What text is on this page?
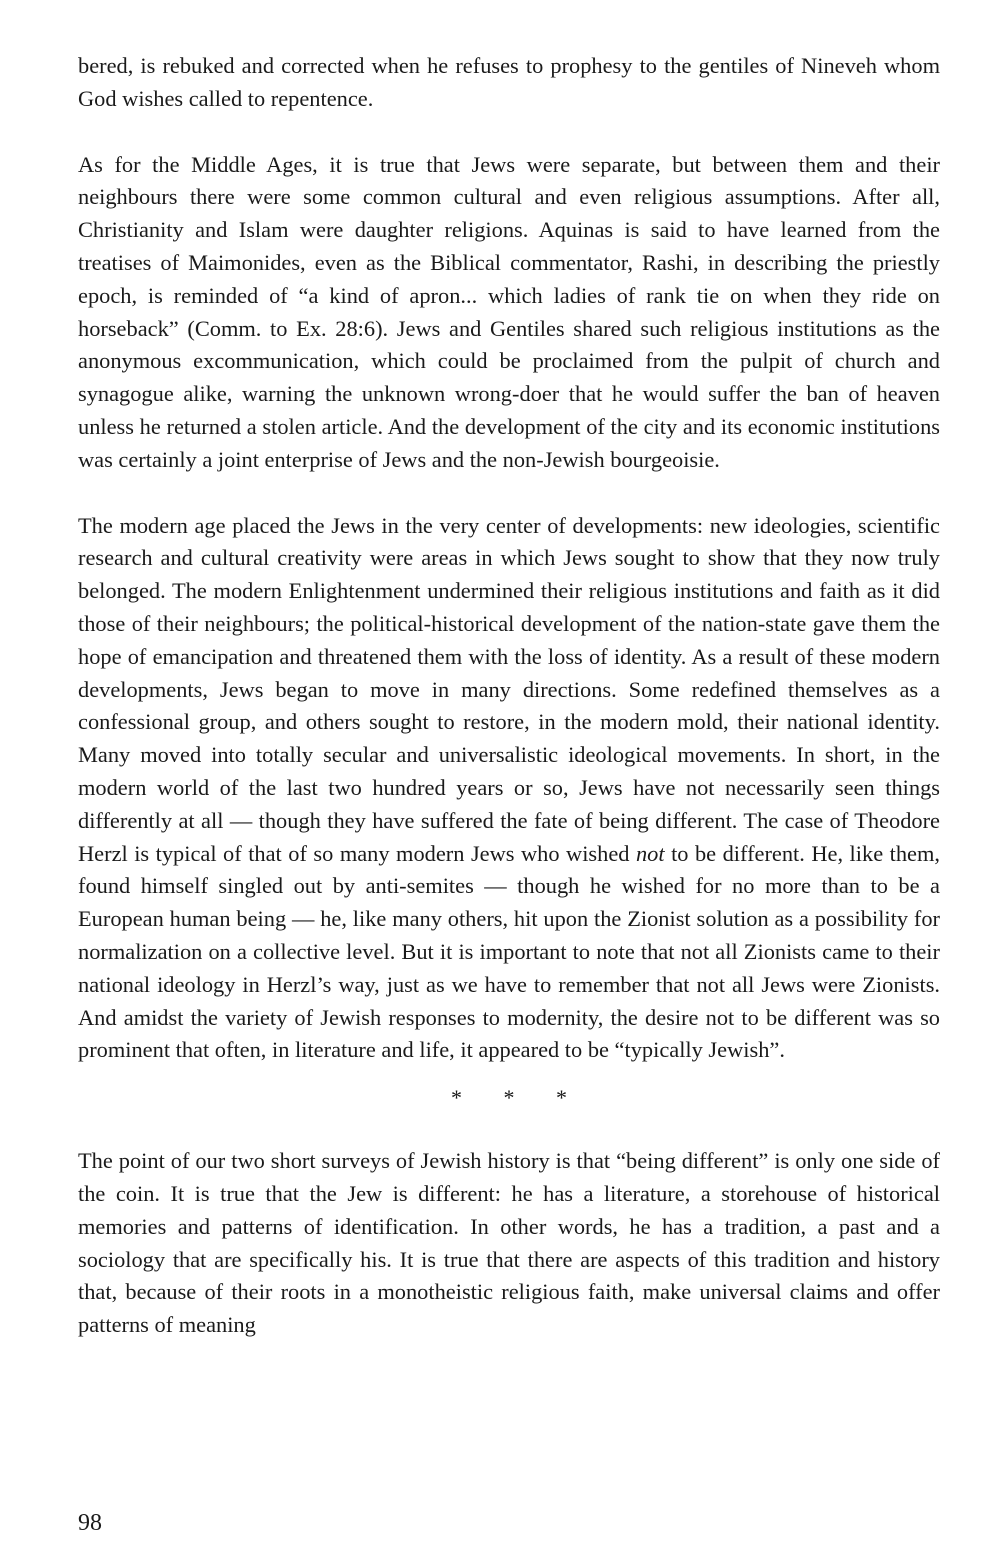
bered, is rebuked and corrected when he refuses to prophesy to the gentiles of Nineveh whom God wishes called to repentence.

As for the Middle Ages, it is true that Jews were separate, but between them and their neighbours there were some common cultural and even religious assumptions. After all, Christianity and Islam were daughter religions. Aquinas is said to have learned from the treatises of Maimonides, even as the Biblical commentator, Rashi, in describing the priestly epoch, is reminded of “a kind of apron... which ladies of rank tie on when they ride on horseback” (Comm. to Ex. 28:6). Jews and Gentiles shared such religious institutions as the anonymous excommunication, which could be proclaimed from the pulpit of church and synagogue alike, warning the unknown wrong-doer that he would suffer the ban of heaven unless he returned a stolen article. And the development of the city and its economic institutions was certainly a joint enterprise of Jews and the non-Jewish bourgeoisie.

The modern age placed the Jews in the very center of developments: new ideologies, scientific research and cultural creativity were areas in which Jews sought to show that they now truly belonged. The modern Enlightenment undermined their religious institutions and faith as it did those of their neighbours; the political-historical development of the nation-state gave them the hope of emancipation and threatened them with the loss of identity. As a result of these modern developments, Jews began to move in many directions. Some redefined themselves as a confessional group, and others sought to restore, in the modern mold, their national identity. Many moved into totally secular and universalistic ideological movements. In short, in the modern world of the last two hundred years or so, Jews have not necessarily seen things differently at all — though they have suffered the fate of being different. The case of Theodore Herzl is typical of that of so many modern Jews who wished not to be different. He, like them, found himself singled out by anti-semites — though he wished for no more than to be a European human being — he, like many others, hit upon the Zionist solution as a possibility for normalization on a collective level. But it is important to note that not all Zionists came to their national ideology in Herzl’s way, just as we have to remember that not all Jews were Zionists. And amidst the variety of Jewish responses to modernity, the desire not to be different was so prominent that often, in literature and life, it appeared to be “typically Jewish”.

* * *

The point of our two short surveys of Jewish history is that “being different” is only one side of the coin. It is true that the Jew is different: he has a literature, a storehouse of historical memories and patterns of identification. In other words, he has a tradition, a past and a sociology that are specifically his. It is true that there are aspects of this tradition and history that, because of their roots in a monotheistic religious faith, make universal claims and offer patterns of meaning

98
